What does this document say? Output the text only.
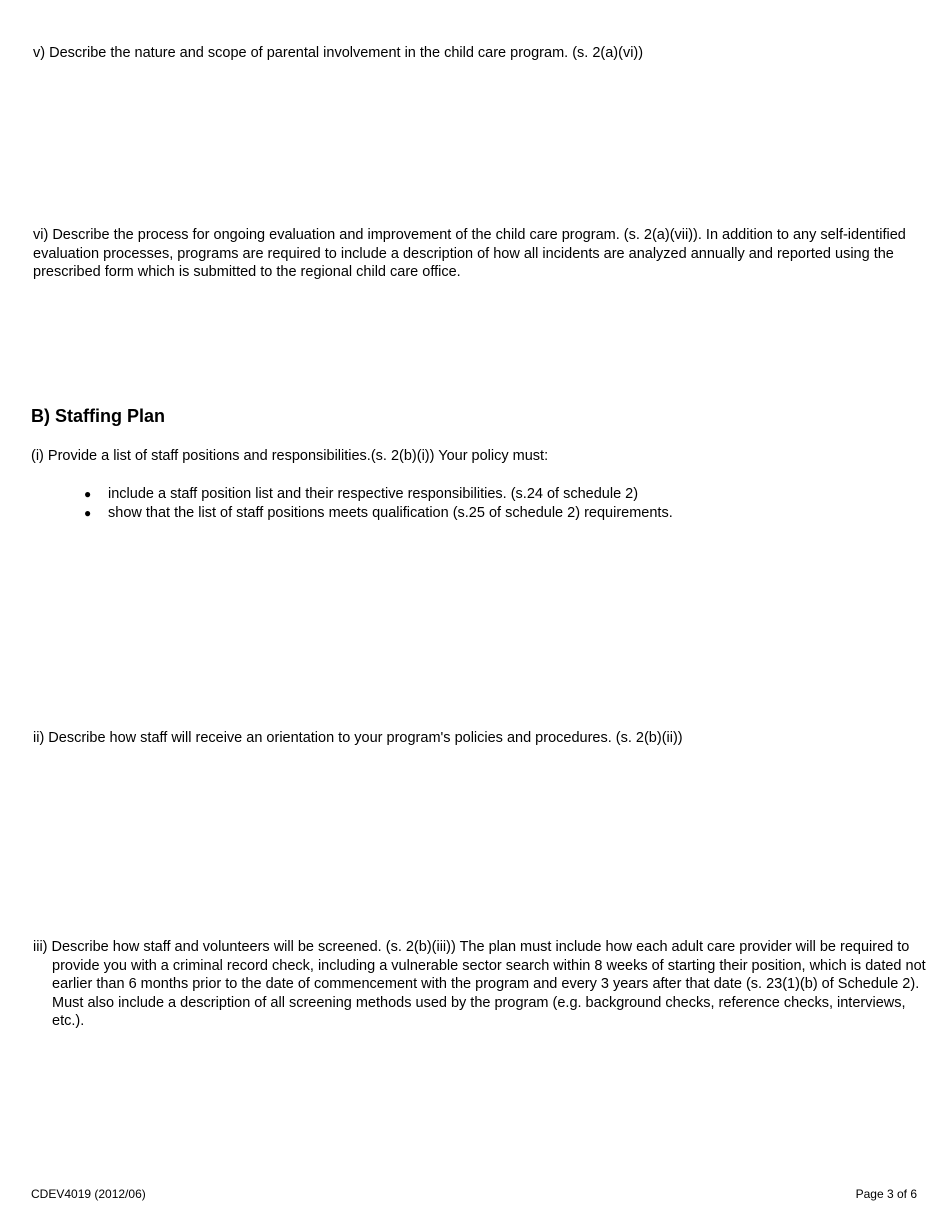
v) Describe the nature and scope of parental involvement in the child care program. (s. 2(a)(vi))
vi) Describe the process for ongoing evaluation and improvement of the child care program. (s. 2(a)(vii)). In addition to any self-identified evaluation processes, programs are required to include a description of how all incidents are analyzed annually and reported using the prescribed form which is submitted to the regional child care office.
B) Staffing Plan
(i) Provide a list of staff positions and responsibilities.(s. 2(b)(i)) Your policy must:
● include a staff position list and their respective responsibilities. (s.24 of schedule 2)
● show that the list of staff positions meets qualification (s.25 of schedule 2) requirements.
ii) Describe how staff will receive an orientation to your program's policies and procedures. (s. 2(b)(ii))
iii) Describe how staff and volunteers will be screened. (s. 2(b)(iii)) The plan must include how each adult care provider will be required to provide you with a criminal record check, including a vulnerable sector search within 8 weeks of starting their position, which is dated not earlier than 6 months prior to the date of commencement with the program and every 3 years after that date (s. 23(1)(b) of Schedule 2). Must also include a description of all screening methods used by the program (e.g. background checks, reference checks, interviews, etc.).
CDEV4019 (2012/06)	Page 3 of 6
